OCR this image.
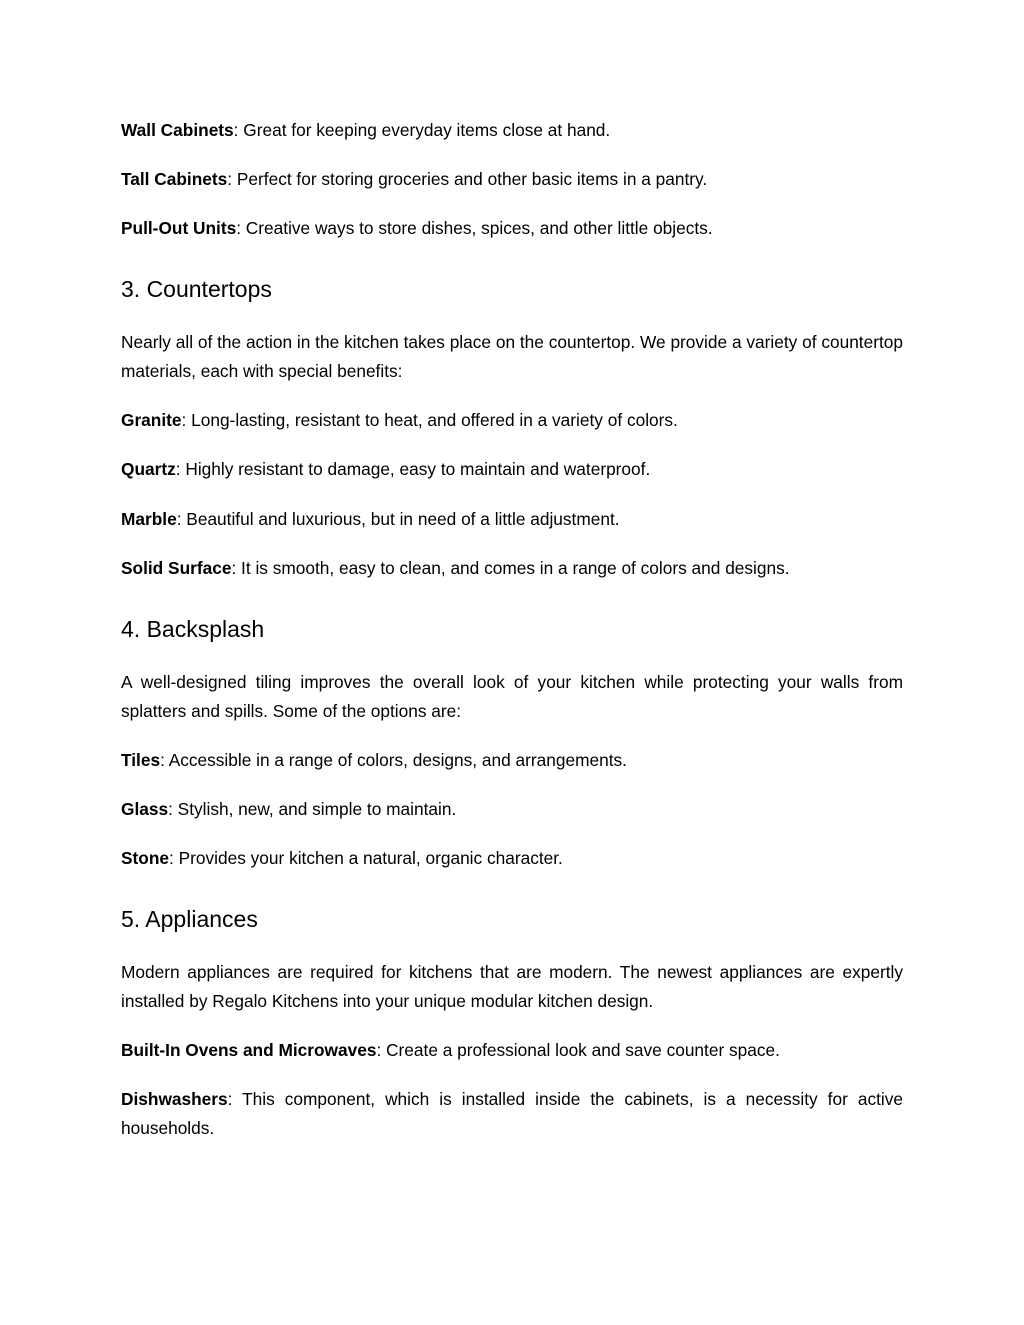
Wall Cabinets: Great for keeping everyday items close at hand.

Tall Cabinets: Perfect for storing groceries and other basic items in a pantry.

Pull-Out Units: Creative ways to store dishes, spices, and other little objects.

3. Countertops

Nearly all of the action in the kitchen takes place on the countertop. We provide a variety of countertop materials, each with special benefits:

Granite: Long-lasting, resistant to heat, and offered in a variety of colors.

Quartz: Highly resistant to damage, easy to maintain and waterproof.

Marble: Beautiful and luxurious, but in need of a little adjustment.

Solid Surface: It is smooth, easy to clean, and comes in a range of colors and designs.

4. Backsplash

A well-designed tiling improves the overall look of your kitchen while protecting your walls from splatters and spills. Some of the options are:

Tiles: Accessible in a range of colors, designs, and arrangements.

Glass: Stylish, new, and simple to maintain.

Stone: Provides your kitchen a natural, organic character.

5. Appliances

Modern appliances are required for kitchens that are modern. The newest appliances are expertly installed by Regalo Kitchens into your unique modular kitchen design.

Built-In Ovens and Microwaves: Create a professional look and save counter space.

Dishwashers: This component, which is installed inside the cabinets, is a necessity for active households.
